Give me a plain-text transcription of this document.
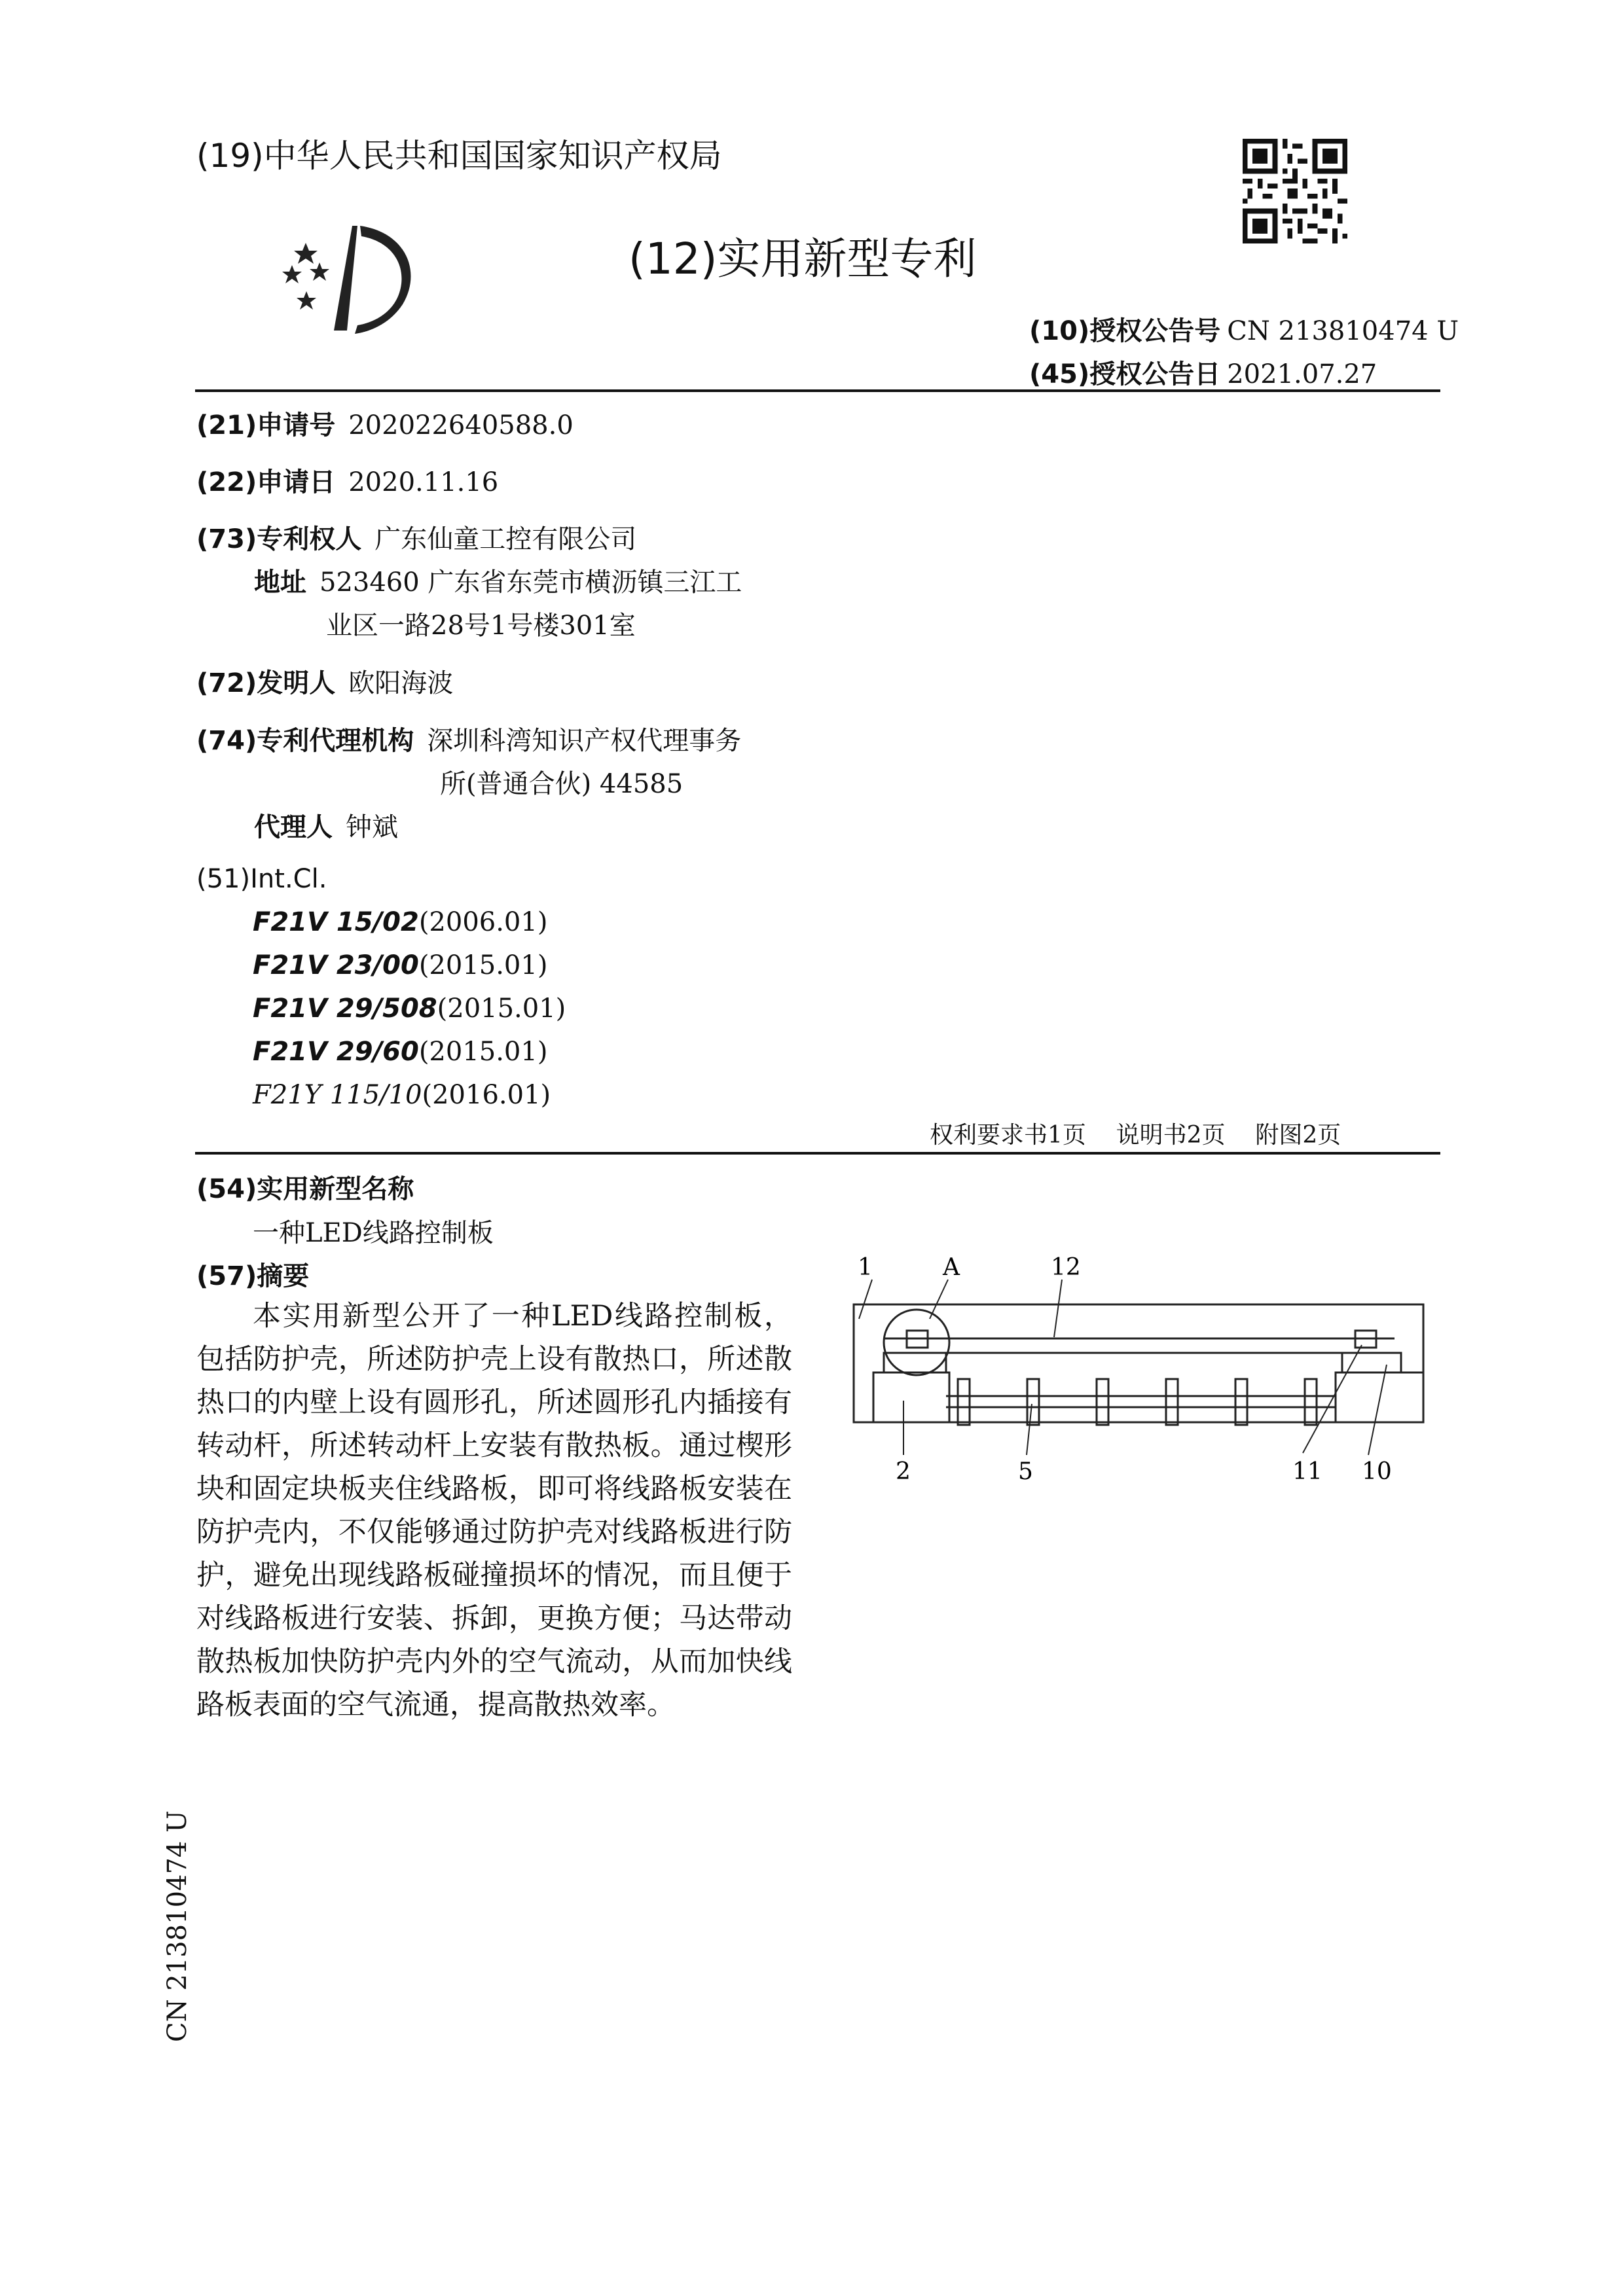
(19)中华人民共和国国家知识产权局
(12)实用新型专利
(10)授权公告号 CN 213810474 U
(45)授权公告日 2021.07.27
(21)申请号 202022640588.0
(22)申请日 2020.11.16
(73)专利权人 广东仙童工控有限公司
地址 523460 广东省东莞市横沥镇三江工
业区一路28号1号楼301室
(72)发明人 欧阳海波
(74)专利代理机构 深圳科湾知识产权代理事务
所(普通合伙) 44585
代理人 钟斌
(51)Int.Cl.
F21V 15/02(2006.01)
F21V 23/00(2015.01)
F21V 29/508(2015.01)
F21V 29/60(2015.01)
F21Y 115/10(2016.01)
权利要求书1页    说明书2页    附图2页
(54)实用新型名称
一种LED线路控制板
(57)摘要

本实用新型公开了一种LED线路控制板，包括防护壳，所述防护壳上设有散热口，所述散热口的内壁上设有圆形孔，所述圆形孔内插接有转动杆，所述转动杆上安装有散热板。通过楔形块和固定块板夹住线路板，即可将线路板安装在防护壳内，不仅能够通过防护壳对线路板进行防护，避免出现线路板碰撞损坏的情况，而且便于对线路板进行安装、拆卸，更换方便；马达带动散热板加快防护壳内外的空气流动，从而加快线路板表面的空气流通，提高散热效率。

1	A	12
2	5	11 10
CN 213810474 U
